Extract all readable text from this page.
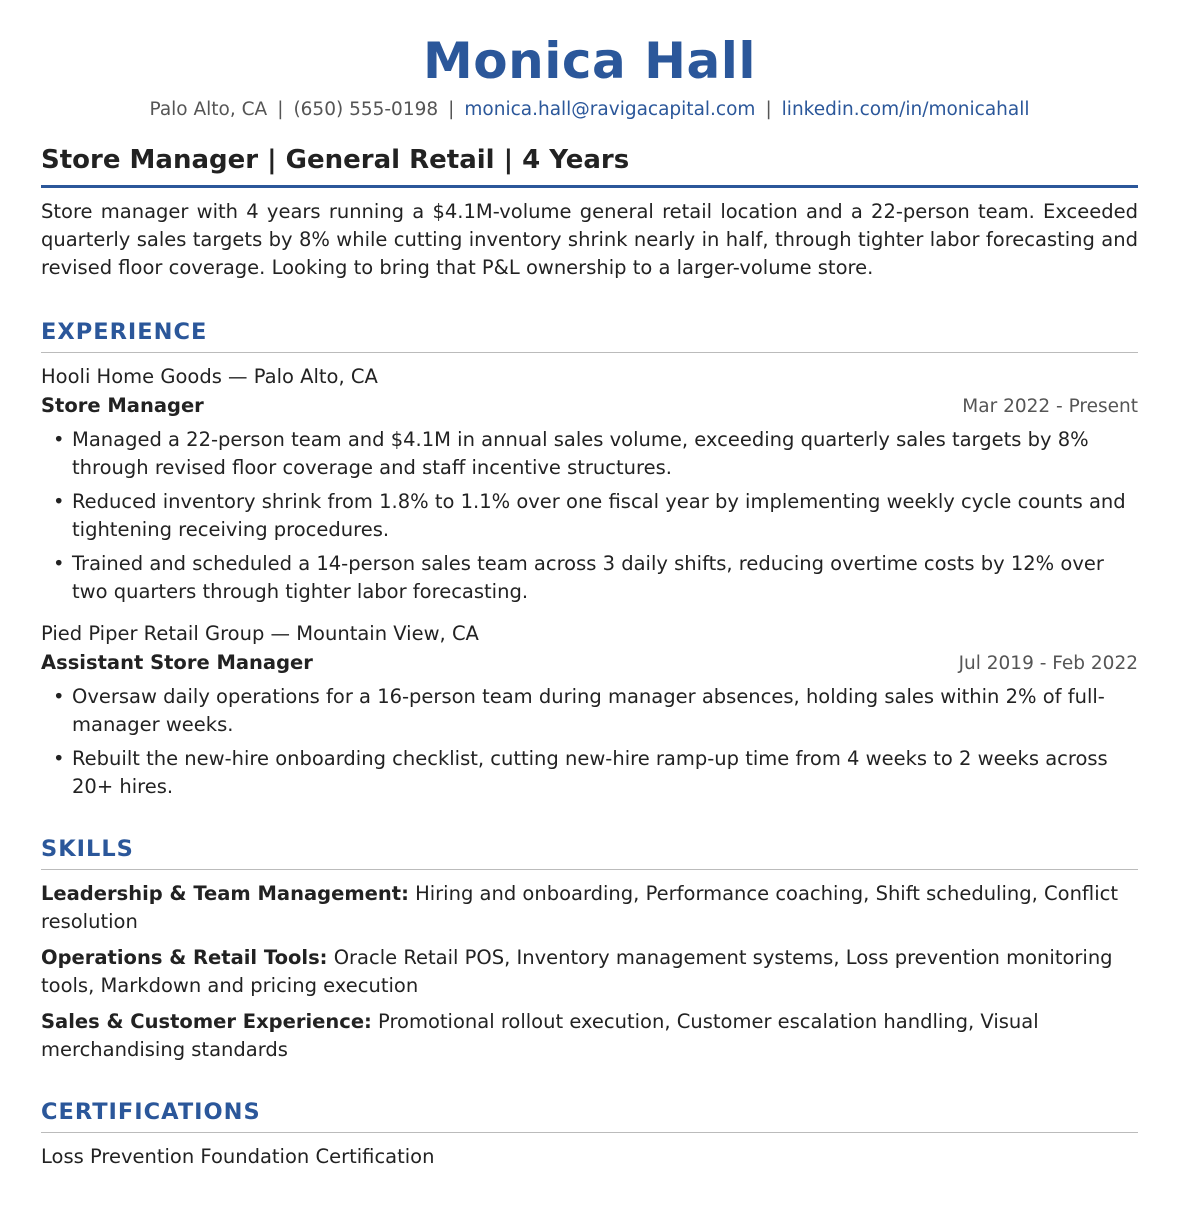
Monica Hall
Palo Alto, CA | (650) 555-0198 | monica.hall@ravigacapital.com | linkedin.com/in/monicahall
Store Manager | General Retail | 4 Years
Store manager with 4 years running a $4.1M-volume general retail location and a 22-person team. Exceeded quarterly sales targets by 8% while cutting inventory shrink nearly in half, through tighter labor forecasting and revised floor coverage. Looking to bring that P&L ownership to a larger-volume store.
EXPERIENCE
Hooli Home Goods — Palo Alto, CA
Store Manager	Mar 2022 - Present
• Managed a 22-person team and $4.1M in annual sales volume, exceeding quarterly sales targets by 8% through revised floor coverage and staff incentive structures.
• Reduced inventory shrink from 1.8% to 1.1% over one fiscal year by implementing weekly cycle counts and tightening receiving procedures.
• Trained and scheduled a 14-person sales team across 3 daily shifts, reducing overtime costs by 12% over two quarters through tighter labor forecasting.
Pied Piper Retail Group — Mountain View, CA
Assistant Store Manager	Jul 2019 - Feb 2022
• Oversaw daily operations for a 16-person team during manager absences, holding sales within 2% of full-manager weeks.
• Rebuilt the new-hire onboarding checklist, cutting new-hire ramp-up time from 4 weeks to 2 weeks across 20+ hires.
SKILLS
Leadership & Team Management: Hiring and onboarding, Performance coaching, Shift scheduling, Conflict resolution
Operations & Retail Tools: Oracle Retail POS, Inventory management systems, Loss prevention monitoring tools, Markdown and pricing execution
Sales & Customer Experience: Promotional rollout execution, Customer escalation handling, Visual merchandising standards
CERTIFICATIONS
Loss Prevention Foundation Certification
